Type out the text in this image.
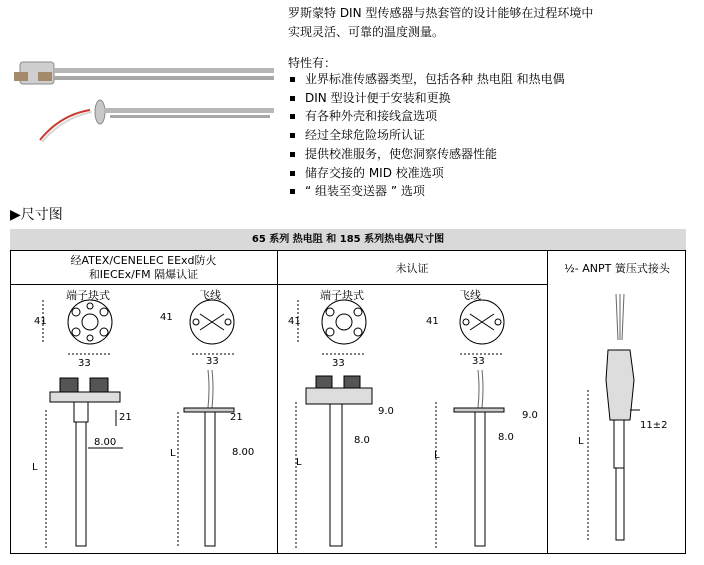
罗斯蒙特 DIN 型传感器与热套管的设计能够在过程环境中
实现灵活、可靠的温度测量。
特性有：
业界标准传感器类型，包括各种 热电阻 和热电偶
DIN 型设计便于安装和更换
有各种外壳和接线盒选项
经过全球危险场所认证
提供校准服务，使您洞察传感器性能
储存交接的 MID 校准选项
“ 组装至变送器 ” 选项
▶尺寸图
65 系列 热电阻 和 185 系列热电偶尺寸图
经ATEX/CENELEC EExd防火
和IECEx/FM 隔爆认证	未认证	½- ANPT 簧压式接头
端子块式	飞线	端子块式	飞线
41
33
21
8.00
L
41
33
21
8.00
L
41
33
9.0
8.0
L
41
33
9.0
8.0
L
L
11±2
